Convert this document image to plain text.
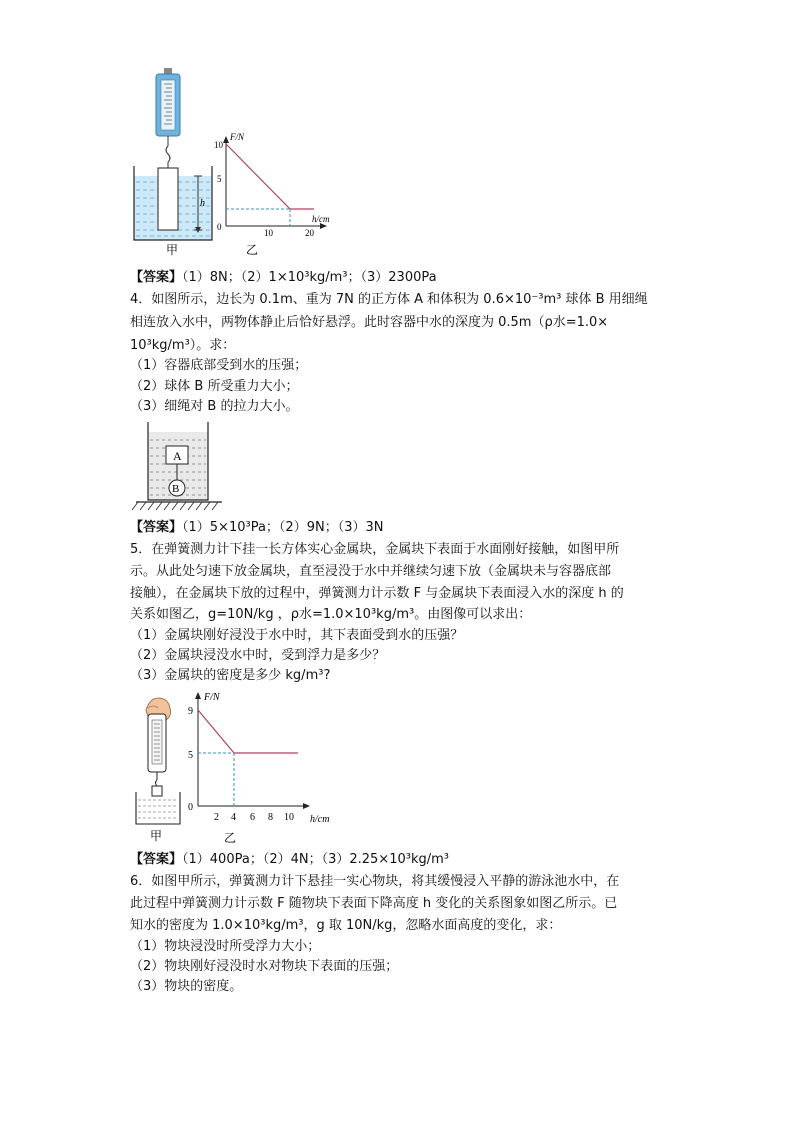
h
甲
F/N
h/cm
10
5
0
10	20
乙
【答案】（1）8N；（2）1×10³kg/m³；（3）2300Pa
4．如图所示，边长为 0.1m、重为 7N 的正方体 A 和体积为 0.6×10⁻³m³ 球体 B 用细绳
相连放入水中，两物体静止后恰好悬浮。此时容器中水的深度为 0.5m（ρ水=1.0×
10³kg/m³）。求：
（1）容器底部受到水的压强；
（2）球体 B 所受重力大小；
（3）细绳对 B 的拉力大小。
A
B
【答案】（1）5×10³Pa；（2）9N；（3）3N
5．在弹簧测力计下挂一长方体实心金属块，金属块下表面于水面刚好接触，如图甲所
示。从此处匀速下放金属块，直至浸没于水中并继续匀速下放（金属块未与容器底部
接触），在金属块下放的过程中，弹簧测力计示数 F 与金属块下表面浸入水的深度 h 的
关系如图乙，g=10N/kg ，ρ水=1.0×10³kg/m³。由图像可以求出：
（1）金属块刚好浸没于水中时，其下表面受到水的压强？
（2）金属块浸没水中时，受到浮力是多少？
（3）金属块的密度是多少 kg/m³?
甲
F/N
h/cm
9
5
0
2 4 6 8 10
乙
【答案】（1）400Pa；（2）4N；（3）2.25×10³kg/m³
6．如图甲所示，弹簧测力计下悬挂一实心物块，将其缓慢浸入平静的游泳池水中，在
此过程中弹簧测力计示数 F 随物块下表面下降高度 h 变化的关系图象如图乙所示。已
知水的密度为 1.0×10³kg/m³，g 取 10N/kg，忽略水面高度的变化，求：
（1）物块浸没时所受浮力大小；
（2）物块刚好浸没时水对物块下表面的压强；
（3）物块的密度。
